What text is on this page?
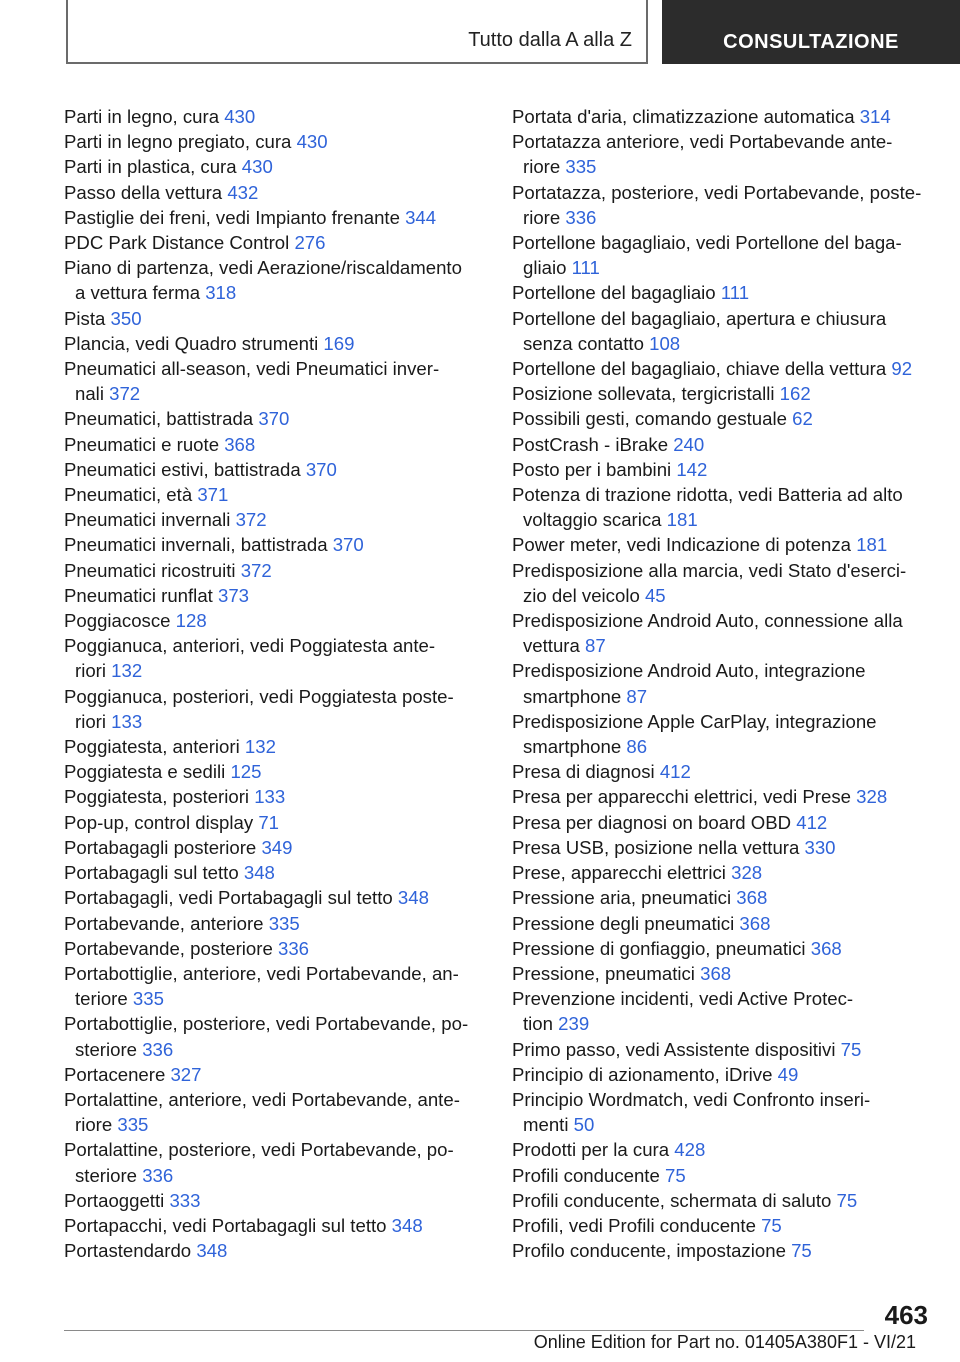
Tutto dalla A alla Z	CONSULTAZIONE
Parti in legno, cura 430
Parti in legno pregiato, cura 430
Parti in plastica, cura 430
Passo della vettura 432
Pastiglie dei freni, vedi Impianto frenante 344
PDC Park Distance Control 276
Piano di partenza, vedi Aerazione/riscaldamento
a vettura ferma 318
Pista 350
Plancia, vedi Quadro strumenti 169
Pneumatici all-season, vedi Pneumatici inver-
nali 372
Pneumatici, battistrada 370
Pneumatici e ruote 368
Pneumatici estivi, battistrada 370
Pneumatici, età 371
Pneumatici invernali 372
Pneumatici invernali, battistrada 370
Pneumatici ricostruiti 372
Pneumatici runflat 373
Poggiacosce 128
Poggianuca, anteriori, vedi Poggiatesta ante-
riori 132
Poggianuca, posteriori, vedi Poggiatesta poste-
riori 133
Poggiatesta, anteriori 132
Poggiatesta e sedili 125
Poggiatesta, posteriori 133
Pop-up, control display 71
Portabagagli posteriore 349
Portabagagli sul tetto 348
Portabagagli, vedi Portabagagli sul tetto 348
Portabevande, anteriore 335
Portabevande, posteriore 336
Portabottiglie, anteriore, vedi Portabevande, an-
teriore 335
Portabottiglie, posteriore, vedi Portabevande, po-
steriore 336
Portacenere 327
Portalattine, anteriore, vedi Portabevande, ante-
riore 335
Portalattine, posteriore, vedi Portabevande, po-
steriore 336
Portaoggetti 333
Portapacchi, vedi Portabagagli sul tetto 348
Portastendardo 348
Portata d'aria, climatizzazione automatica 314
Portatazza anteriore, vedi Portabevande ante-
riore 335
Portatazza, posteriore, vedi Portabevande, poste-
riore 336
Portellone bagagliaio, vedi Portellone del baga-
gliaio 111
Portellone del bagagliaio 111
Portellone del bagagliaio, apertura e chiusura
senza contatto 108
Portellone del bagagliaio, chiave della vettura 92
Posizione sollevata, tergicristalli 162
Possibili gesti, comando gestuale 62
PostCrash - iBrake 240
Posto per i bambini 142
Potenza di trazione ridotta, vedi Batteria ad alto
voltaggio scarica 181
Power meter, vedi Indicazione di potenza 181
Predisposizione alla marcia, vedi Stato d'eserci-
zio del veicolo 45
Predisposizione Android Auto, connessione alla
vettura 87
Predisposizione Android Auto, integrazione
smartphone 87
Predisposizione Apple CarPlay, integrazione
smartphone 86
Presa di diagnosi 412
Presa per apparecchi elettrici, vedi Prese 328
Presa per diagnosi on board OBD 412
Presa USB, posizione nella vettura 330
Prese, apparecchi elettrici 328
Pressione aria, pneumatici 368
Pressione degli pneumatici 368
Pressione di gonfiaggio, pneumatici 368
Pressione, pneumatici 368
Prevenzione incidenti, vedi Active Protec-
tion 239
Primo passo, vedi Assistente dispositivi 75
Principio di azionamento, iDrive 49
Principio Wordmatch, vedi Confronto inseri-
menti 50
Prodotti per la cura 428
Profili conducente 75
Profili conducente, schermata di saluto 75
Profili, vedi Profili conducente 75
Profilo conducente, impostazione 75
463
Online Edition for Part no. 01405A380F1 - VI/21
